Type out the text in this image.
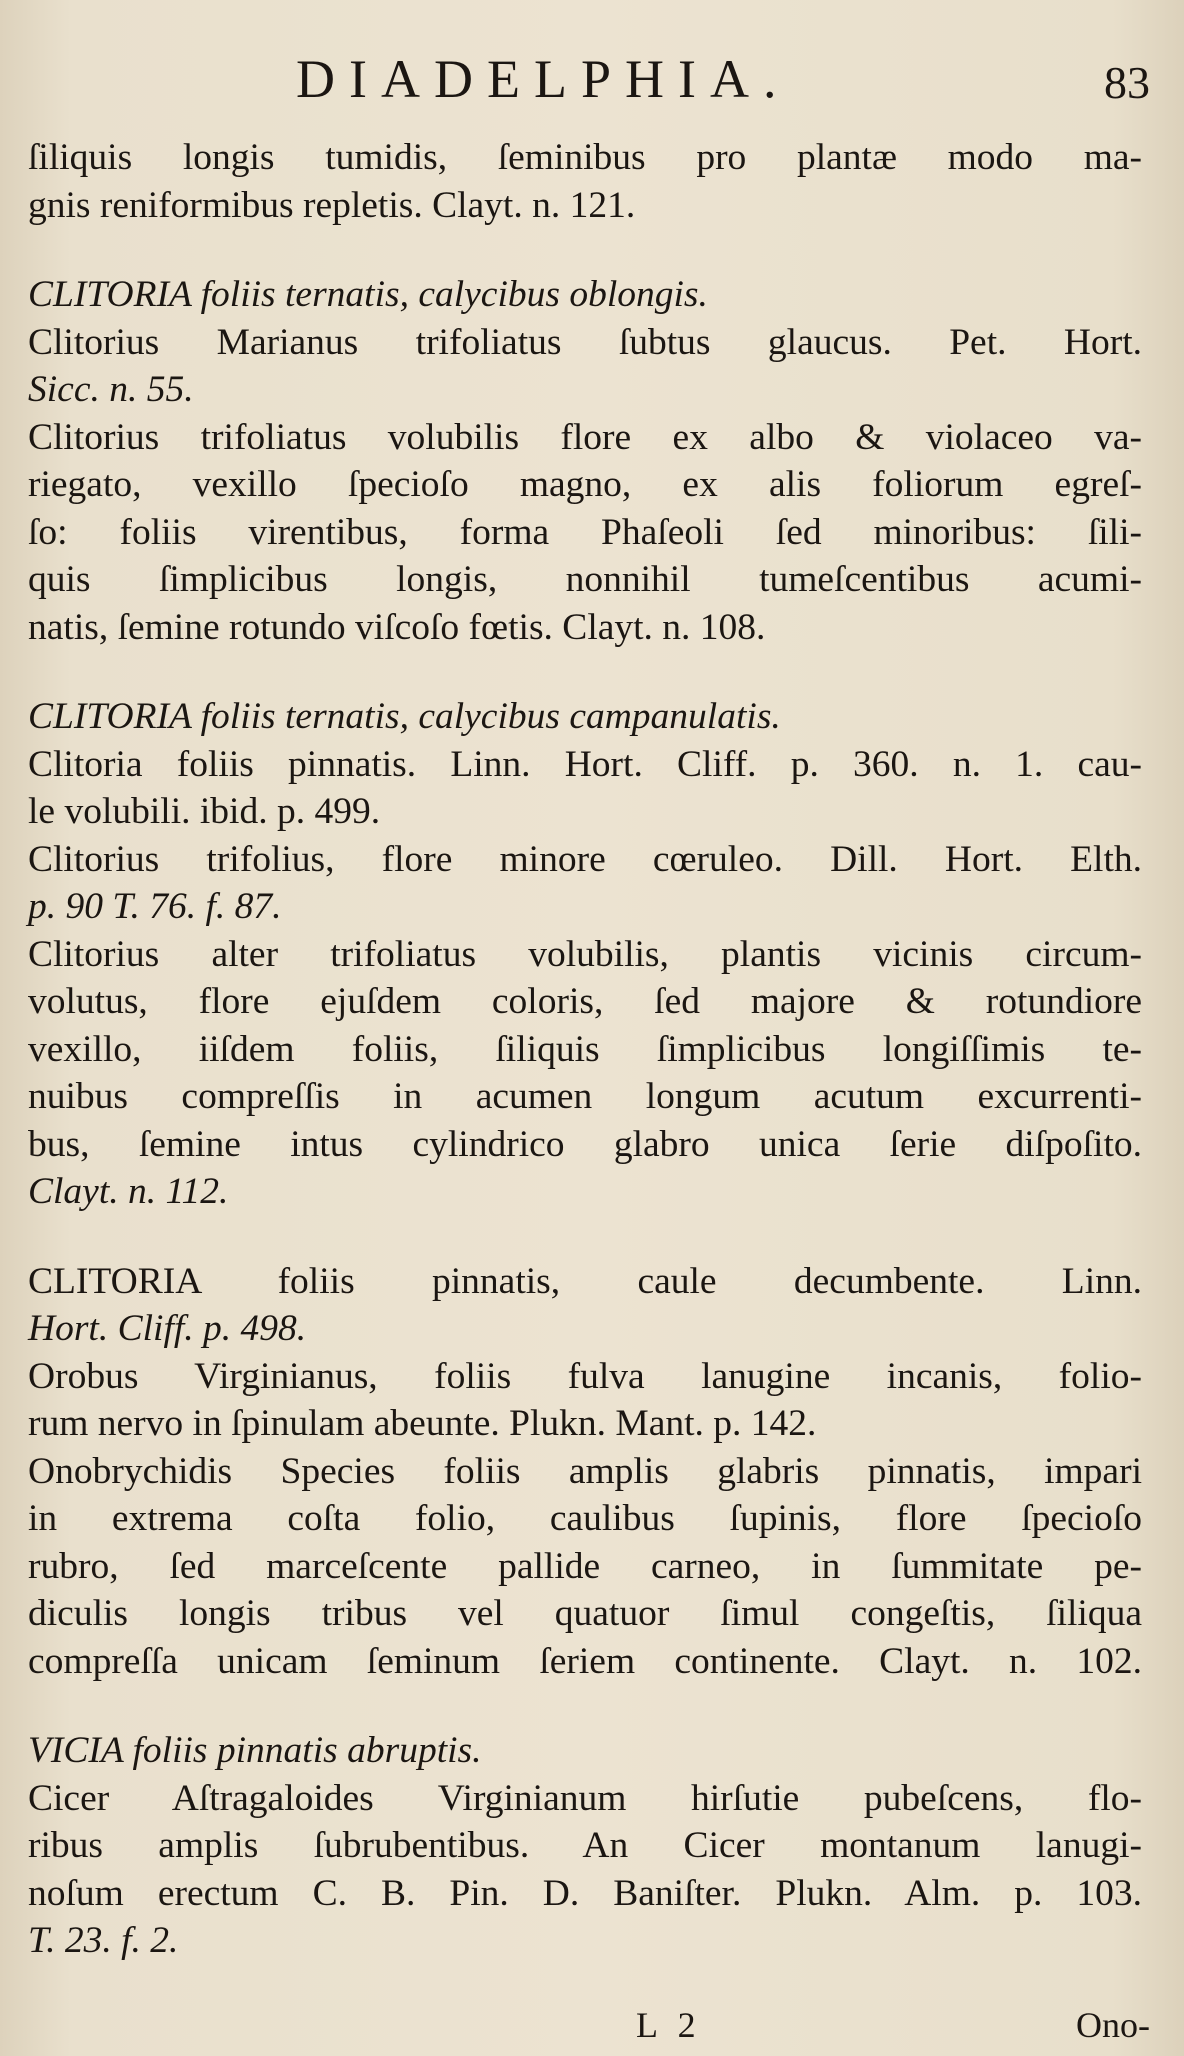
DIADELPHIA.	83
ſiliquis longis tumidis, ſeminibus pro plantæ modo ma-
gnis reniformibus repletis. Clayt. n. 121.
CLITORIA foliis ternatis, calycibus oblongis.
Clitorius Marianus trifoliatus ſubtus glaucus. Pet. Hort.
Sicc. n. 55.
Clitorius trifoliatus volubilis flore ex albo & violaceo va-
riegato, vexillo ſpecioſo magno, ex alis foliorum egreſ-
ſo: foliis virentibus, forma Phaſeoli ſed minoribus: ſili-
quis ſimplicibus longis, nonnihil tumeſcentibus acumi-
natis, ſemine rotundo viſcoſo fœtis. Clayt. n. 108.
CLITORIA foliis ternatis, calycibus campanulatis.
Clitoria foliis pinnatis. Linn. Hort. Cliff. p. 360. n. 1. cau-
le volubili. ibid. p. 499.
Clitorius trifolius, flore minore cœruleo. Dill. Hort. Elth.
p. 90 T. 76. f. 87.
Clitorius alter trifoliatus volubilis, plantis vicinis circum-
volutus, flore ejuſdem coloris, ſed majore & rotundiore
vexillo, iiſdem foliis, ſiliquis ſimplicibus longiſſimis te-
nuibus compreſſis in acumen longum acutum excurrenti-
bus, ſemine intus cylindrico glabro unica ſerie diſpoſito.
Clayt. n. 112.
CLITORIA foliis pinnatis, caule decumbente. Linn.
Hort. Cliff. p. 498.
Orobus Virginianus, foliis fulva lanugine incanis, folio-
rum nervo in ſpinulam abeunte. Plukn. Mant. p. 142.
Onobrychidis Species foliis amplis glabris pinnatis, impari
in extrema coſta folio, caulibus ſupinis, flore ſpecioſo
rubro, ſed marceſcente pallide carneo, in ſummitate pe-
diculis longis tribus vel quatuor ſimul congeſtis, ſiliqua
compreſſa unicam ſeminum ſeriem continente. Clayt. n. 102.
VICIA foliis pinnatis abruptis.
Cicer Aſtragaloides Virginianum hirſutie pubeſcens, flo-
ribus amplis ſubrubentibus. An Cicer montanum lanugi-
noſum erectum C. B. Pin. D. Baniſter. Plukn. Alm. p. 103.
T. 23. f. 2.
L 2	Ono-
